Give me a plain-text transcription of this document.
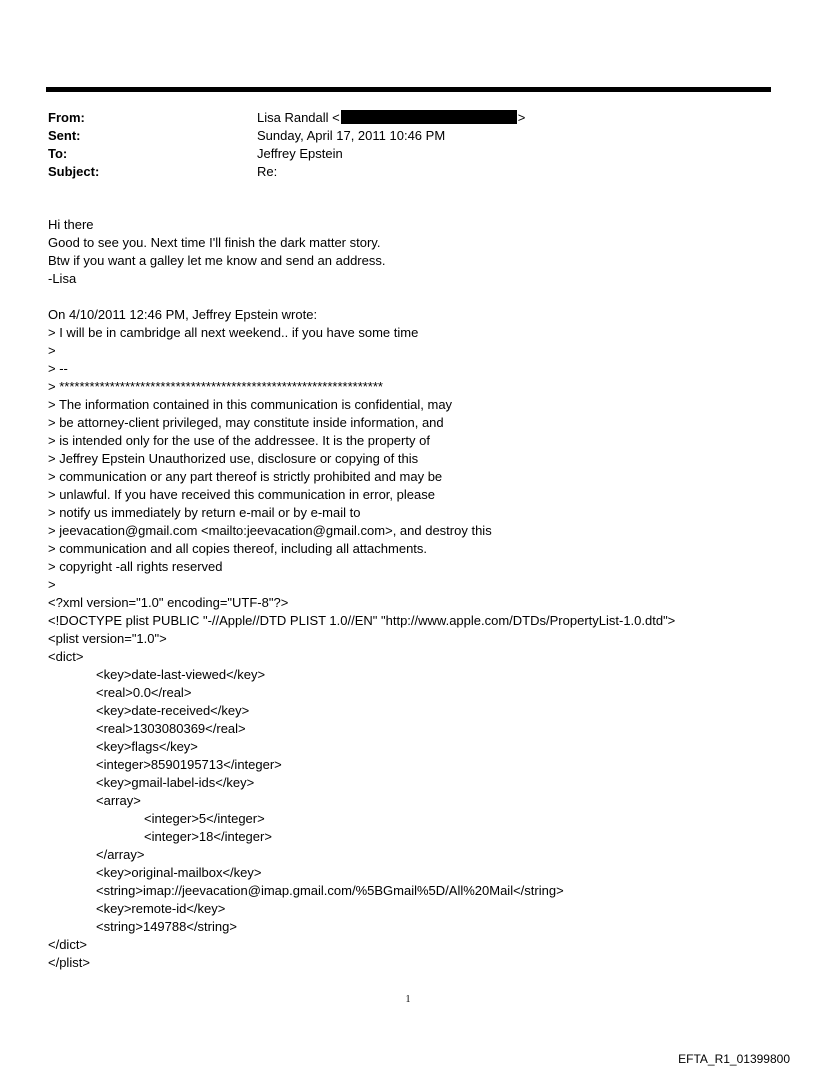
From:	Lisa Randall <	>
Sent:	Sunday, April 17, 2011 10:46 PM
To:	Jeffrey Epstein
Subject:	Re:
Hi there
Good to see you. Next time I'll finish the dark matter story.
Btw if you want a galley let me know and send an address.
-Lisa
On 4/10/2011 12:46 PM, Jeffrey Epstein wrote:
> I will be in cambridge all next weekend.. if you have some time
>
> --
> ****************************************************************
> The information contained in this communication is confidential, may
> be attorney-client privileged, may constitute inside information, and
> is intended only for the use of the addressee. It is the property of
> Jeffrey Epstein Unauthorized use, disclosure or copying of this
> communication or any part thereof is strictly prohibited and may be
> unlawful. If you have received this communication in error, please
> notify us immediately by return e-mail or by e-mail to
> jeevacation@gmail.com <mailto:jeevacation@gmail.com>, and destroy this
> communication and all copies thereof, including all attachments.
> copyright -all rights reserved
>
<?xml version="1.0" encoding="UTF-8"?>
<!DOCTYPE plist PUBLIC "-//Apple//DTD PLIST 1.0//EN" "http://www.apple.com/DTDs/PropertyList-1.0.dtd">
<plist version="1.0">
<dict>
<key>date-last-viewed</key>
<real>0.0</real>
<key>date-received</key>
<real>1303080369</real>
<key>flags</key>
<integer>8590195713</integer>
<key>gmail-label-ids</key>
<array>
<integer>5</integer>
<integer>18</integer>
</array>
<key>original-mailbox</key>
<string>imap://jeevacation@imap.gmail.com/%5BGmail%5D/All%20Mail</string>
<key>remote-id</key>
<string>149788</string>
</dict>
</plist>
1
EFTA_R1_01399800
